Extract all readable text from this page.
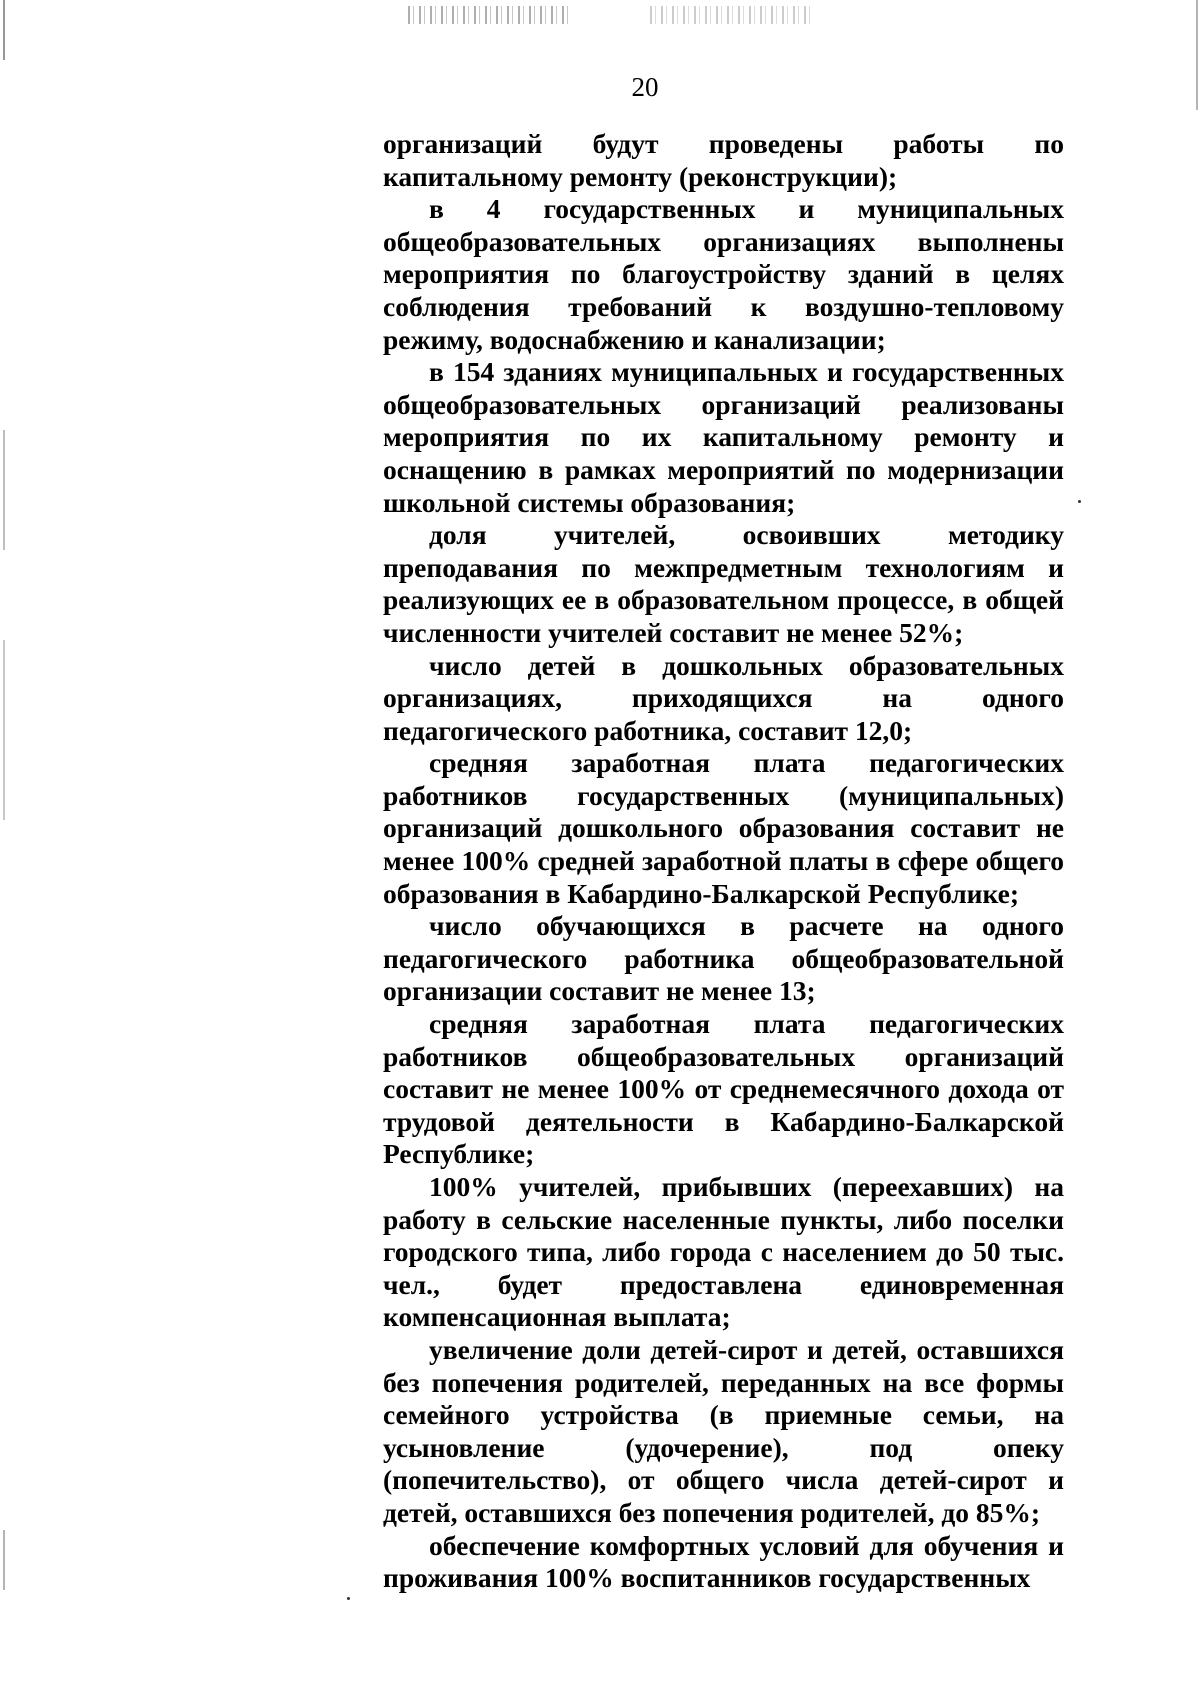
20

организаций будут проведены работы по капитальному ремонту (реконструкции);

в 4 государственных и муниципальных общеобразовательных организациях выполнены мероприятия по благоустройству зданий в целях соблюдения требований к воздушно-тепловому режиму, водоснабжению и канализации;

в 154 зданиях муниципальных и государственных общеобразовательных организаций реализованы мероприятия по их капитальному ремонту и оснащению в рамках мероприятий по модернизации школьной системы образования;

доля учителей, освоивших методику преподавания по межпредметным технологиям и реализующих ее в образовательном процессе, в общей численности учителей составит не менее 52%;

число детей в дошкольных образовательных организациях, приходящихся на одного педагогического работника, составит 12,0;

средняя заработная плата педагогических работников государственных (муниципальных) организаций дошкольного образования составит не менее 100% средней заработной платы в сфере общего образования в Кабардино-Балкарской Республике;

число обучающихся в расчете на одного педагогического работника общеобразовательной организации составит не менее 13;

средняя заработная плата педагогических работников общеобразовательных организаций составит не менее 100% от среднемесячного дохода от трудовой деятельности в Кабардино-Балкарской Республике;

100% учителей, прибывших (переехавших) на работу в сельские населенные пункты, либо поселки городского типа, либо города с населением до 50 тыс. чел., будет предоставлена единовременная компенсационная выплата;

увеличение доли детей-сирот и детей, оставшихся без попечения родителей, переданных на все формы семейного устройства (в приемные семьи, на усыновление (удочерение), под опеку (попечительство), от общего числа детей-сирот и детей, оставшихся без попечения родителей, до 85%;

обеспечение комфортных условий для обучения и проживания 100% воспитанников государственных
